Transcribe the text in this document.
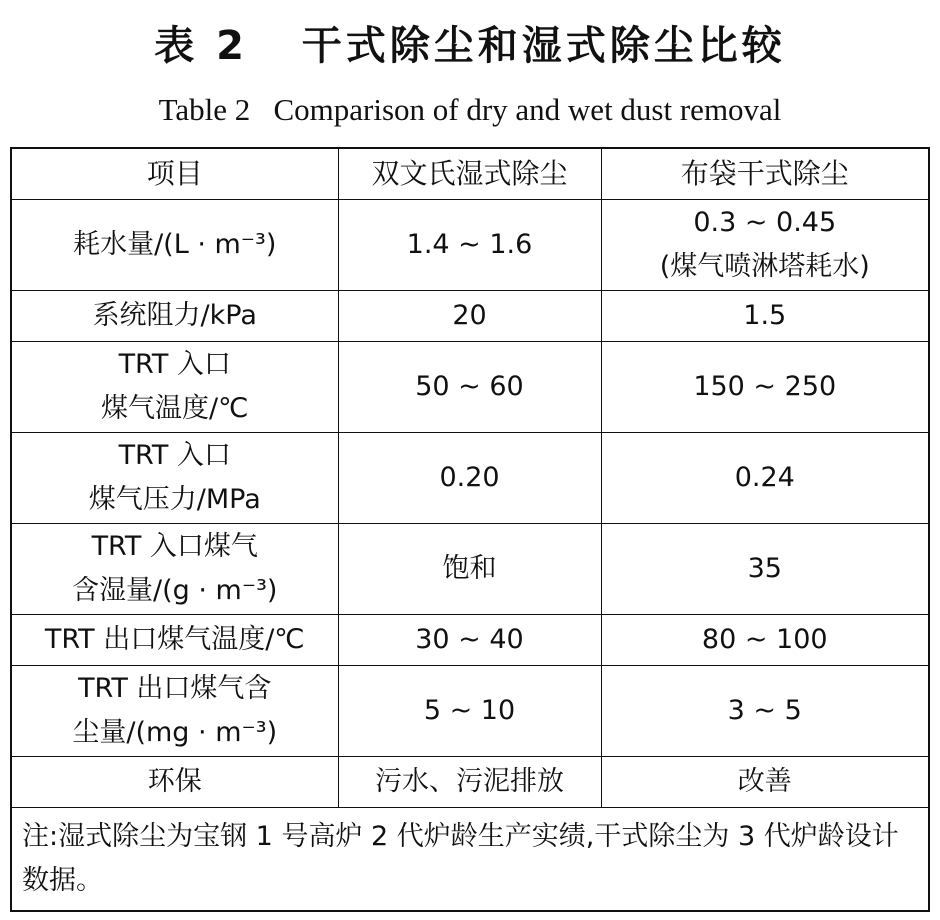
表 2   干式除尘和湿式除尘比较
Table 2   Comparison of dry and wet dust removal
项目	双文氏湿式除尘	布袋干式除尘
耗水量/(L · m⁻³)	1.4 ~ 1.6	0.3 ~ 0.45
(煤气喷淋塔耗水)
系统阻力/kPa	20	1.5
TRT 入口
煤气温度/℃	50 ~ 60	150 ~ 250
TRT 入口
煤气压力/MPa	0.20	0.24
TRT 入口煤气
含湿量/(g · m⁻³)	饱和	35
TRT 出口煤气温度/℃	30 ~ 40	80 ~ 100
TRT 出口煤气含
尘量/(mg · m⁻³)	5 ~ 10	3 ~ 5
环保	污水、污泥排放	改善
注:湿式除尘为宝钢 1 号高炉 2 代炉龄生产实绩,干式除尘为 3 代炉龄设计数据。		
